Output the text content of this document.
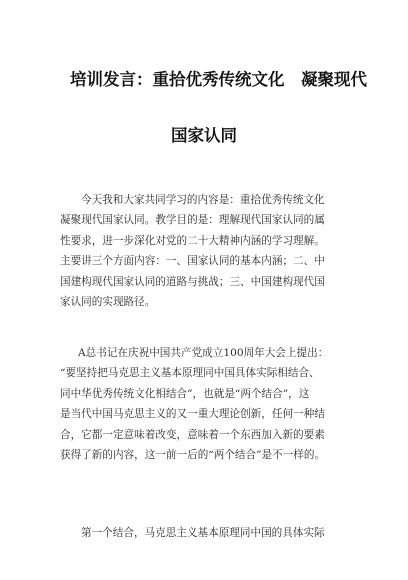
培训发言：重拾优秀传统文化　凝聚现代
国家认同
今天我和大家共同学习的内容是：重拾优秀传统文化
凝聚现代国家认同。教学目的是：理解现代国家认同的属
性要求，进一步深化对党的二十大精神内涵的学习理解。
主要讲三个方面内容：一、国家认同的基本内涵；二、中
国建构现代国家认同的道路与挑战；三、中国建构现代国
家认同的实现路径。
A总书记在庆祝中国共产党成立100周年大会上提出：
“要坚持把马克思主义基本原理同中国具体实际相结合、
同中华优秀传统文化相结合”，也就是“两个结合”，这
是当代中国马克思主义的又一重大理论创新，任何一种结
合，它都一定意味着改变，意味着一个东西加入新的要素
获得了新的内容，这一前一后的“两个结合”是不一样的。
第一个结合，马克思主义基本原理同中国的具体实际
